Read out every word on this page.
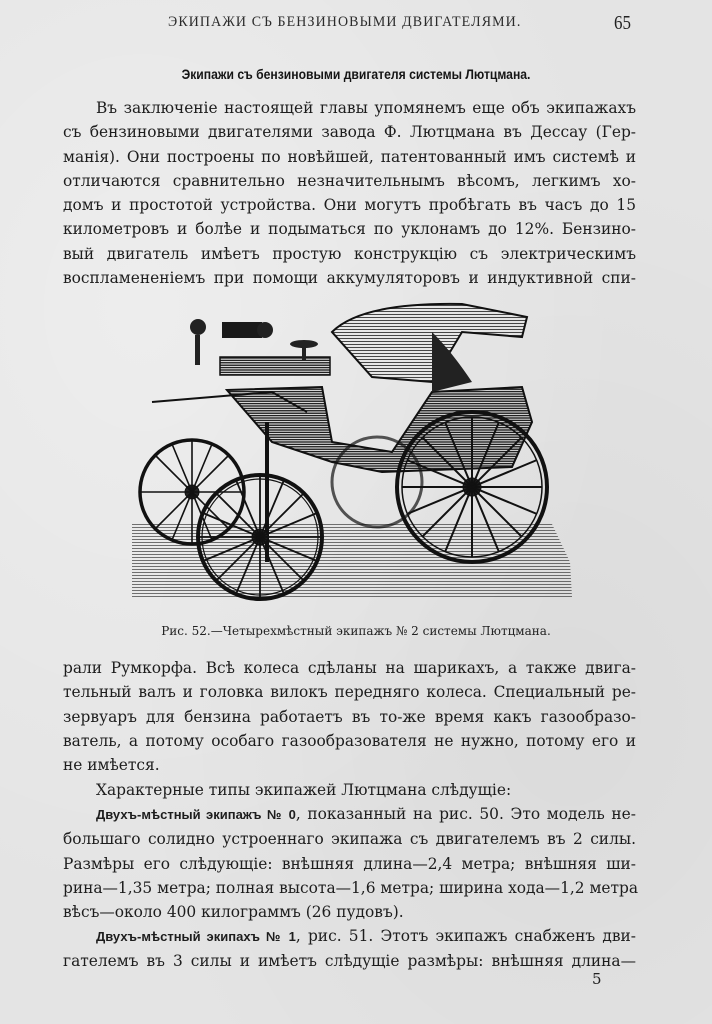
ЭКИПАЖИ СЪ БЕНЗИНОВЫМИ ДВИГАТЕЛЯМИ.	65
Экипажи съ бензиновыми двигателя системы Лютцмана.
Въ заключеніе настоящей главы упомянемъ еще объ экипажахъ
съ бензиновыми двигателями завода Ф. Лютцмана въ Дессау (Гер-
манія). Они построены по новѣйшей, патентованный имъ системѣ и
отличаются сравнительно незначительнымъ вѣсомъ, легкимъ хо-
домъ и простотой устройства. Они могутъ пробѣгать въ часъ до 15
километровъ и болѣе и подыматься по уклонамъ до 12%. Бензино-
вый двигатель имѣетъ простую конструкцію съ электрическимъ
воспламененіемъ при помощи аккумуляторовъ и индуктивной спи-
Рис. 52.—Четырехмѣстный экипажъ № 2 системы Лютцмана.
рали Румкорфа. Всѣ колеса сдѣланы на шарикахъ, а также двига-
тельный валъ и головка вилокъ передняго колеса. Специальный ре-
зервуаръ для бензина работаетъ въ то-же время какъ газообразо-
ватель, а потому особаго газообразователя не нужно, потому его и
не имѣется.
Характерные типы экипажей Лютцмана слѣдущіе:
Двухъ-мѣстный экипажъ № 0, показанный на рис. 50. Это модель не-
большаго солидно устроеннаго экипажа съ двигателемъ въ 2 силы.
Размѣры его слѣдующіе: внѣшняя длина—2,4 метра; внѣшняя ши-
рина—1,35 метра; полная высота—1,6 метра; ширина хода—1,2 метра
вѣсъ—около 400 килограммъ (26 пудовъ).
Двухъ-мѣстный экипахъ № 1, рис. 51. Этотъ экипажъ снабженъ дви-
гателемъ въ 3 силы и имѣетъ слѣдущіе размѣры: внѣшняя длина—
5
